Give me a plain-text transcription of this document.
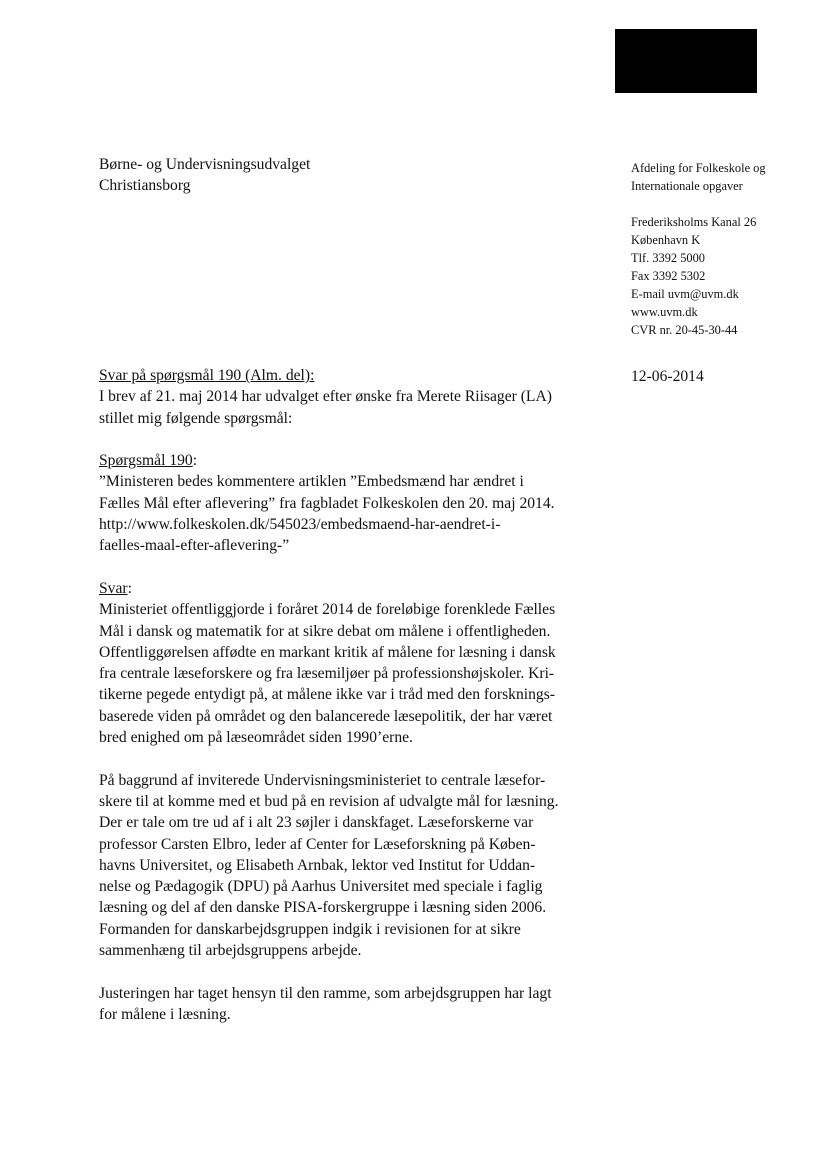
Børne- og Undervisningsudvalget
Christiansborg
Afdeling for Folkeskole og
Internationale opgaver
Frederiksholms Kanal 26
København K
Tlf. 3392 5000
Fax 3392 5302
E-mail uvm@uvm.dk
www.uvm.dk
CVR nr. 20-45-30-44
12-06-2014
Svar på spørgsmål 190 (Alm. del):
I brev af 21. maj 2014 har udvalget efter ønske fra Merete Riisager (LA)
stillet mig følgende spørgsmål:
Spørgsmål 190:
”Ministeren bedes kommentere artiklen ”Embedsmænd har ændret i
Fælles Mål efter aflevering” fra fagbladet Folkeskolen den 20. maj 2014.
http://www.folkeskolen.dk/545023/embedsmaend-har-aendret-i-
faelles-maal-efter-aflevering-”
Svar:
Ministeriet offentliggjorde i foråret 2014 de foreløbige forenklede Fælles
Mål i dansk og matematik for at sikre debat om målene i offentligheden.
Offentliggørelsen affødte en markant kritik af målene for læsning i dansk
fra centrale læseforskere og fra læsemiljøer på professionshøjskoler. Kri-
tikerne pegede entydigt på, at målene ikke var i tråd med den forsknings-
baserede viden på området og den balancerede læsepolitik, der har været
bred enighed om på læseområdet siden 1990’erne.
På baggrund af inviterede Undervisningsministeriet to centrale læsefor-
skere til at komme med et bud på en revision af udvalgte mål for læsning.
Der er tale om tre ud af i alt 23 søjler i danskfaget. Læseforskerne var
professor Carsten Elbro, leder af Center for Læseforskning på Køben-
havns Universitet, og Elisabeth Arnbak, lektor ved Institut for Uddan-
nelse og Pædagogik (DPU) på Aarhus Universitet med speciale i faglig
læsning og del af den danske PISA-forskergruppe i læsning siden 2006.
Formanden for danskarbejdsgruppen indgik i revisionen for at sikre
sammenhæng til arbejdsgruppens arbejde.
Justeringen har taget hensyn til den ramme, som arbejdsgruppen har lagt
for målene i læsning.
